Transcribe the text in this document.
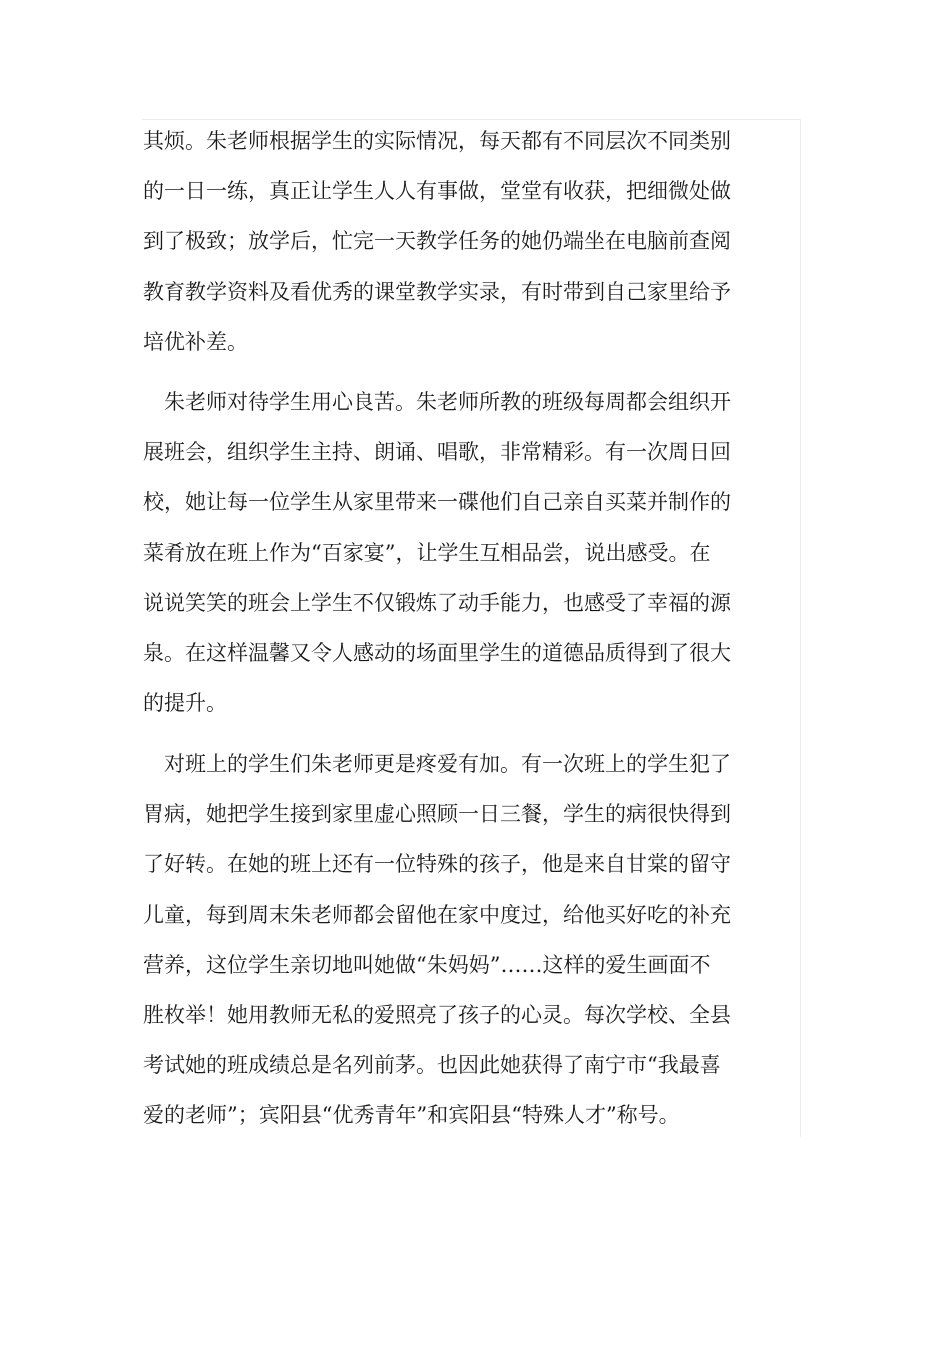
其烦。朱老师根据学生的实际情况，每天都有不同层次不同类别
的一日一练，真正让学生人人有事做，堂堂有收获，把细微处做
到了极致；放学后，忙完一天教学任务的她仍端坐在电脑前查阅
教育教学资料及看优秀的课堂教学实录，有时带到自己家里给予
培优补差。

　朱老师对待学生用心良苦。朱老师所教的班级每周都会组织开
展班会，组织学生主持、朗诵、唱歌，非常精彩。有一次周日回
校，她让每一位学生从家里带来一碟他们自己亲自买菜并制作的
菜肴放在班上作为“百家宴”，让学生互相品尝，说出感受。在
说说笑笑的班会上学生不仅锻炼了动手能力，也感受了幸福的源
泉。在这样温馨又令人感动的场面里学生的道德品质得到了很大
的提升。

　对班上的学生们朱老师更是疼爱有加。有一次班上的学生犯了
胃病，她把学生接到家里虚心照顾一日三餐，学生的病很快得到
了好转。在她的班上还有一位特殊的孩子，他是来自甘棠的留守
儿童，每到周末朱老师都会留他在家中度过，给他买好吃的补充
营养，这位学生亲切地叫她做“朱妈妈”……这样的爱生画面不
胜枚举！她用教师无私的爱照亮了孩子的心灵。每次学校、全县
考试她的班成绩总是名列前茅。也因此她获得了南宁市“我最喜
爱的老师”；宾阳县“优秀青年”和宾阳县“特殊人才”称号。
